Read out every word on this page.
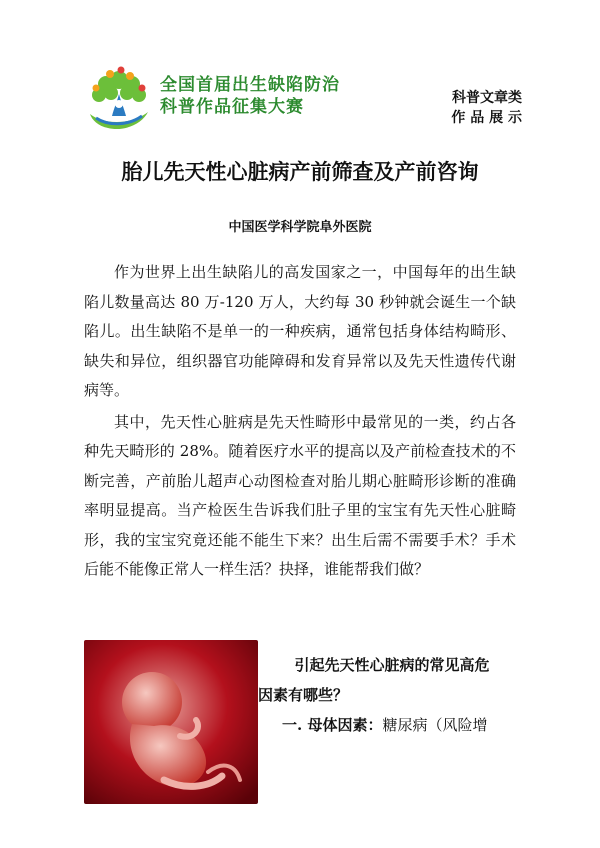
全国首届出生缺陷防治
科普作品征集大赛	科普文章类
作 品 展 示
胎儿先天性心脏病产前筛查及产前咨询
中国医学科学院阜外医院

作为世界上出生缺陷儿的高发国家之一，中国每年的出生缺陷儿数量高达 80 万-120 万人，大约每 30 秒钟就会诞生一个缺陷儿。出生缺陷不是单一的一种疾病，通常包括身体结构畸形、缺失和异位，组织器官功能障碍和发育异常以及先天性遗传代谢病等。

其中，先天性心脏病是先天性畸形中最常见的一类，约占各种先天畸形的 28%。随着医疗水平的提高以及产前检查技术的不断完善，产前胎儿超声心动图检查对胎儿期心脏畸形诊断的准确率明显提高。当产检医生告诉我们肚子里的宝宝有先天性心脏畸形，我的宝宝究竟还能不能生下来？出生后需不需要手术？手术后能不能像正常人一样生活？抉择，谁能帮我们做？

引起先天性心脏病的常见高危
因素有哪些？
一. 母体因素：糖尿病（风险增
